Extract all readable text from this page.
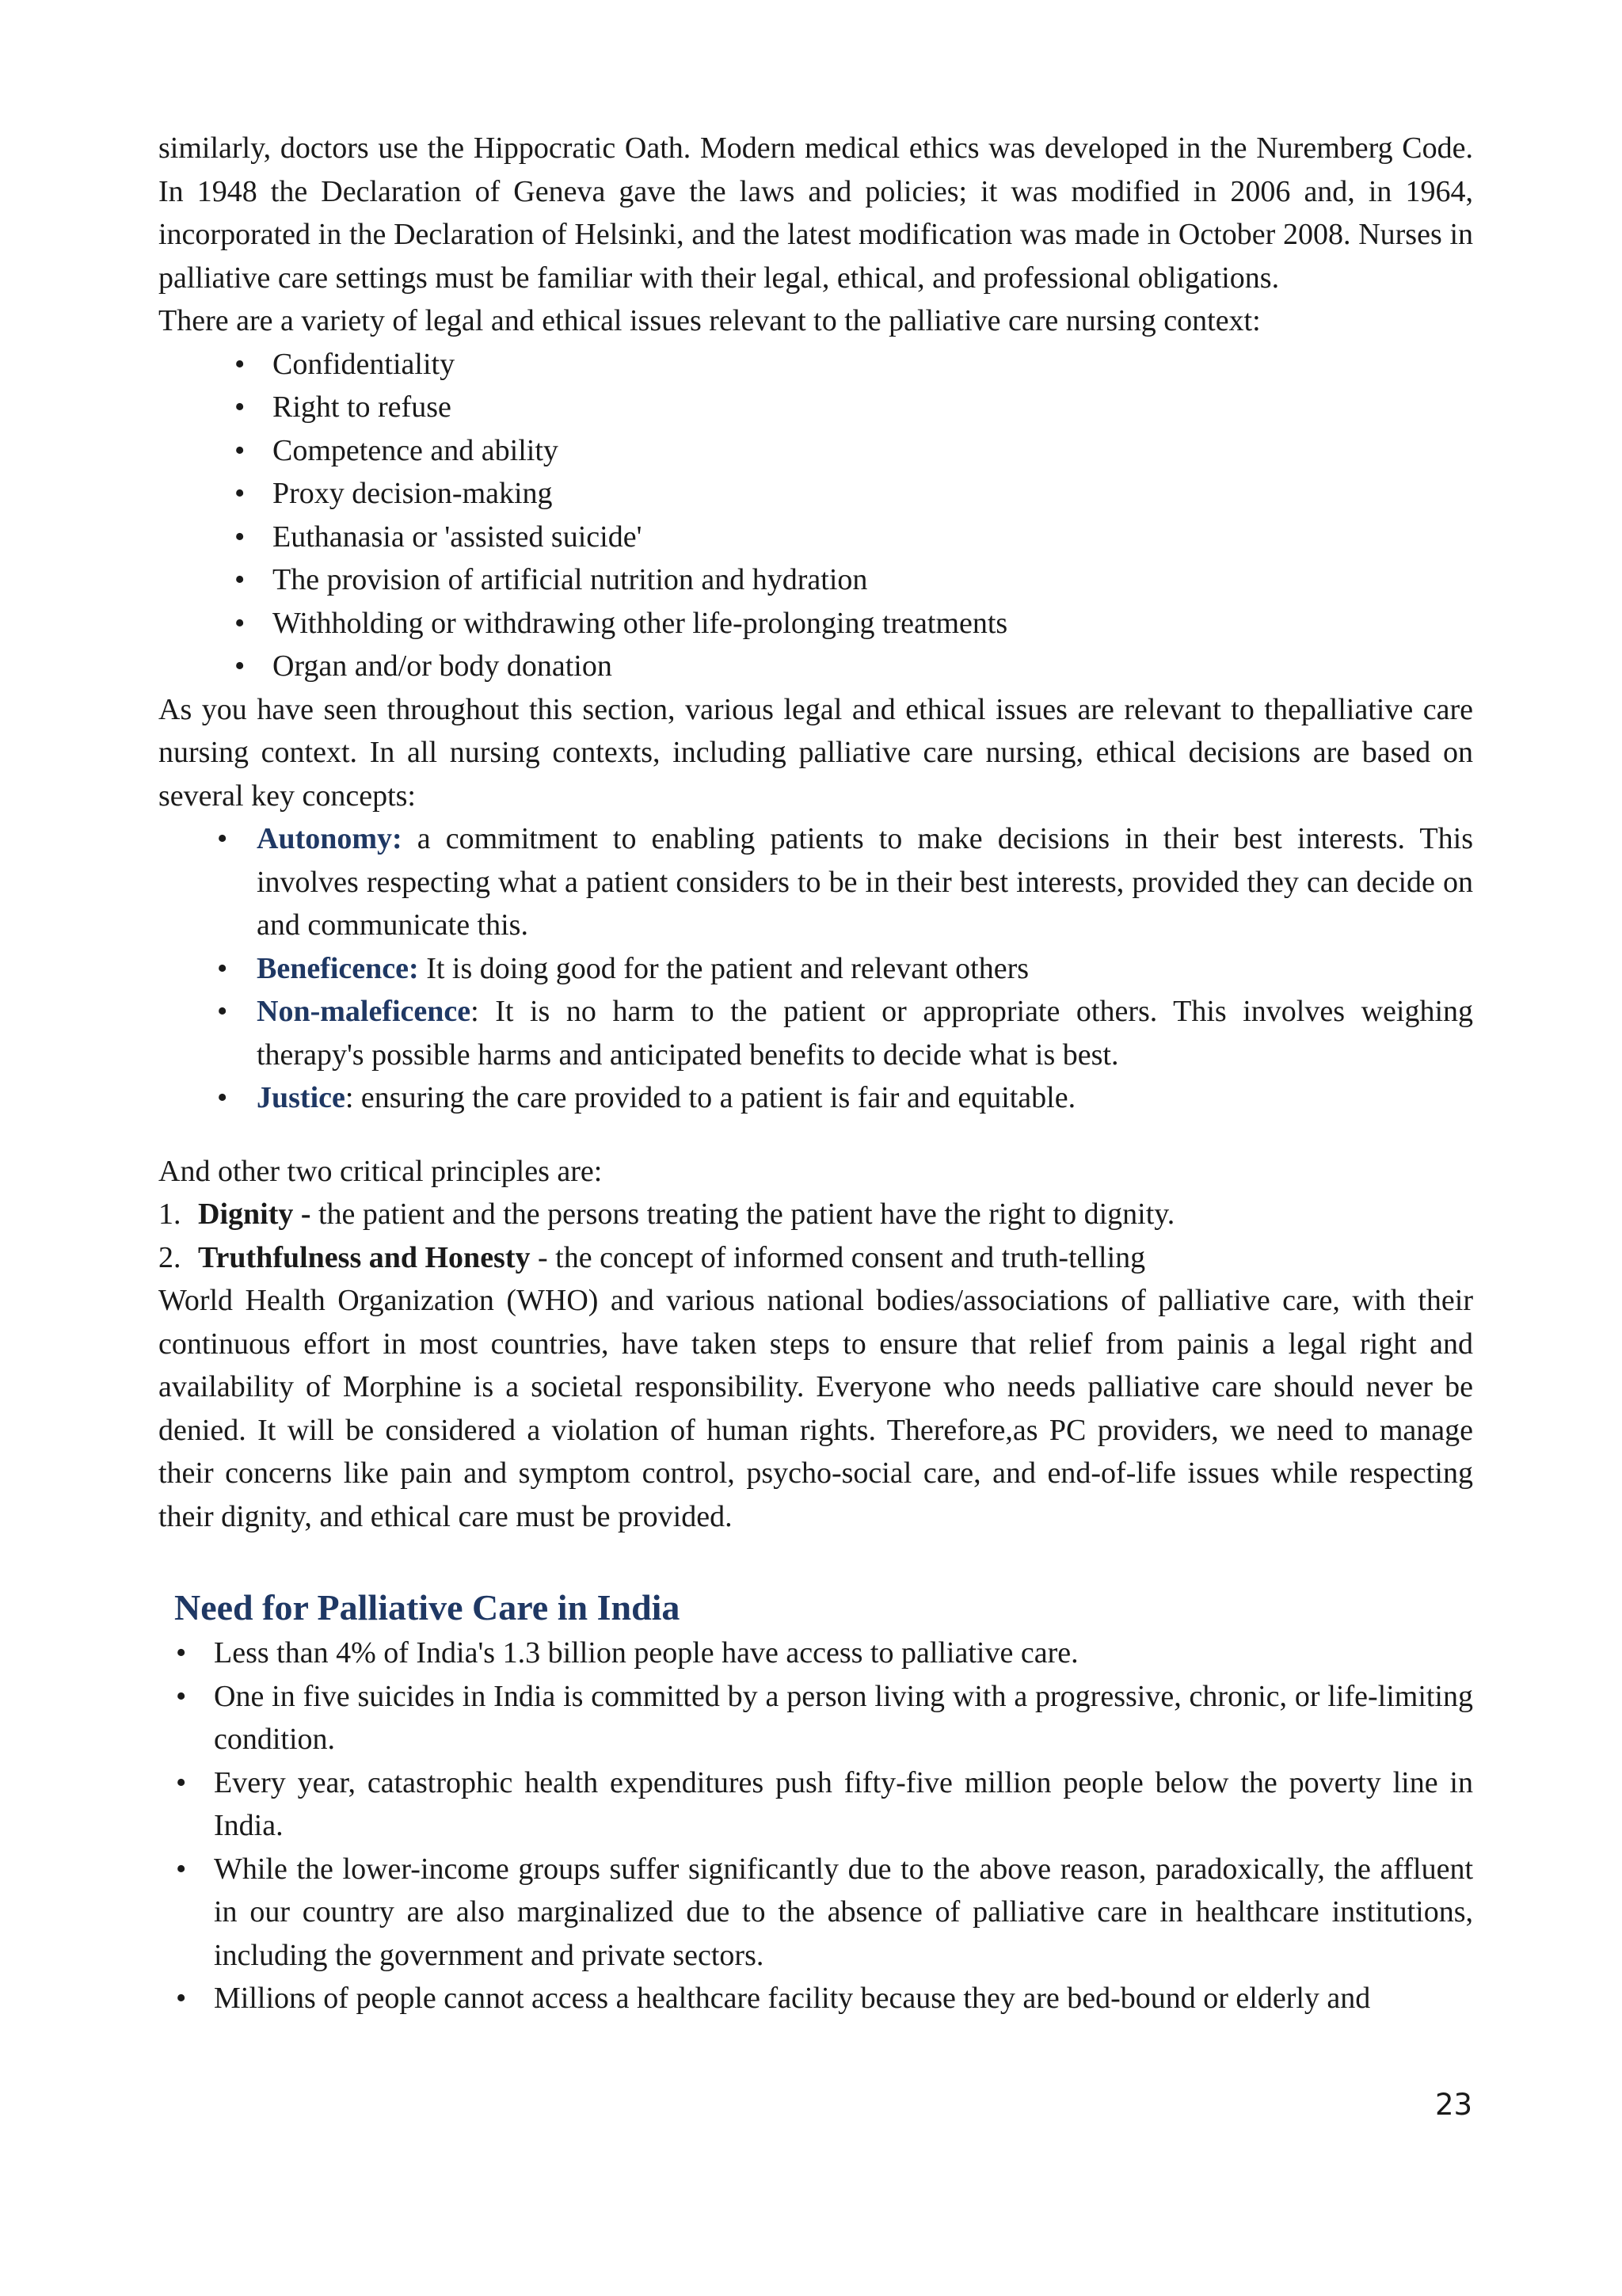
similarly, doctors use the Hippocratic Oath. Modern medical ethics was developed in the Nuremberg Code. In 1948 the Declaration of Geneva gave the laws and policies; it was modified in 2006 and, in 1964, incorporated in the Declaration of Helsinki, and the latest modification was made in October 2008. Nurses in palliative care settings must be familiar with their legal, ethical, and professional obligations.

There are a variety of legal and ethical issues relevant to the palliative care nursing context:

• Confidentiality
• Right to refuse
• Competence and ability
• Proxy decision-making
• Euthanasia or 'assisted suicide'
• The provision of artificial nutrition and hydration
• Withholding or withdrawing other life-prolonging treatments
• Organ and/or body donation

As you have seen throughout this section, various legal and ethical issues are relevant to thepalliative care nursing context. In all nursing contexts, including palliative care nursing, ethical decisions are based on several key concepts:

• Autonomy: a commitment to enabling patients to make decisions in their best interests. This involves respecting what a patient considers to be in their best interests, provided they can decide on and communicate this.
• Beneficence: It is doing good for the patient and relevant others
• Non-maleficence: It is no harm to the patient or appropriate others. This involves weighing therapy's possible harms and anticipated benefits to decide what is best.
• Justice: ensuring the care provided to a patient is fair and equitable.

And other two critical principles are:

1. Dignity - the patient and the persons treating the patient have the right to dignity.

2. Truthfulness and Honesty - the concept of informed consent and truth-telling

World Health Organization (WHO) and various national bodies/associations of palliative care, with their continuous effort in most countries, have taken steps to ensure that relief from painis a legal right and availability of Morphine is a societal responsibility. Everyone who needs palliative care should never be denied. It will be considered a violation of human rights. Therefore,as PC providers, we need to manage their concerns like pain and symptom control, psycho-social care, and end-of-life issues while respecting their dignity, and ethical care must be provided.

Need for Palliative Care in India
• Less than 4% of India's 1.3 billion people have access to palliative care.
• One in five suicides in India is committed by a person living with a progressive, chronic, or life-limiting condition.
• Every year, catastrophic health expenditures push fifty-five million people below the poverty line in India.
• While the lower-income groups suffer significantly due to the above reason, paradoxically, the affluent in our country are also marginalized due to the absence of palliative care in healthcare institutions, including the government and private sectors.
• Millions of people cannot access a healthcare facility because they are bed-bound or elderly and
23
